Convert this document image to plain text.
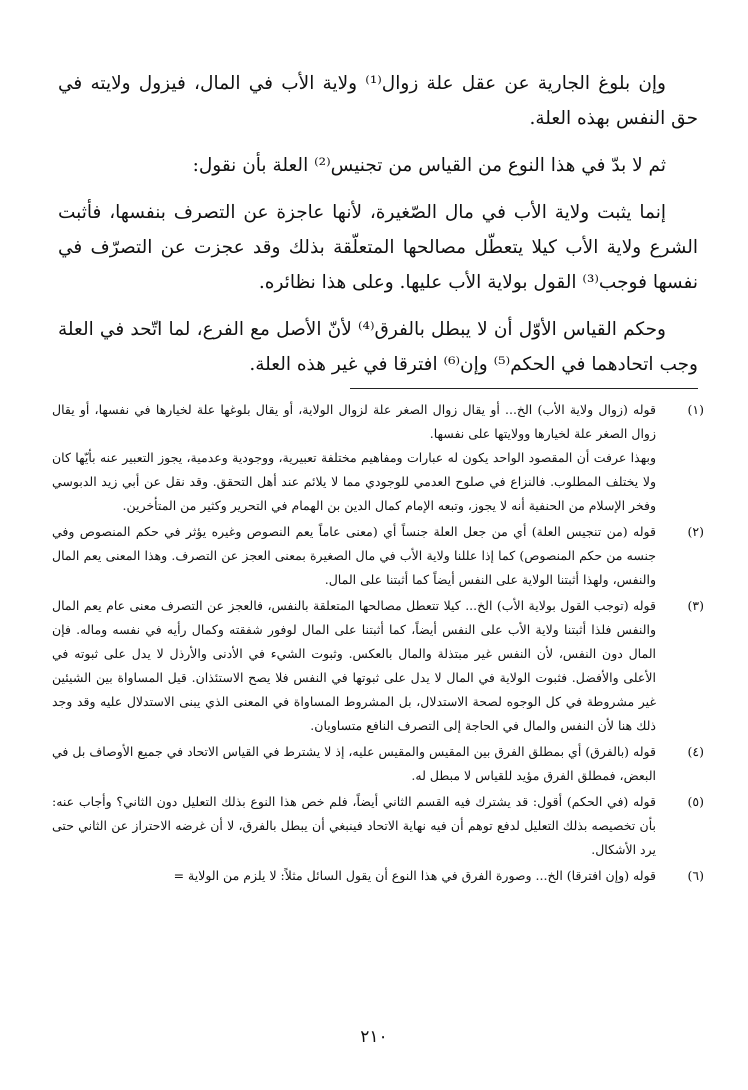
وإن بلوغ الجارية عن عقل علة زوال⁽¹⁾ ولاية الأب في المال، فيزول ولايته في حق النفس بهذه العلة.

ثم لا بدّ في هذا النوع من القياس من تجنيس⁽²⁾ العلة بأن نقول:

إنما يثبت ولاية الأب في مال الصّغيرة، لأنها عاجزة عن التصرف بنفسها، فأثبت الشرع ولاية الأب كيلا يتعطّل مصالحها المتعلّقة بذلك وقد عجزت عن التصرّف في نفسها فوجب⁽³⁾ القول بولاية الأب عليها. وعلى هذا نظائره.

وحكم القياس الأوّل أن لا يبطل بالفرق⁽⁴⁾ لأنّ الأصل مع الفرع، لما اتّحد في العلة وجب اتحادهما في الحكم⁽⁵⁾ وإن⁽⁶⁾ افترقا في غير هذه العلة.

(١)

قوله (زوال ولاية الأب) الخ... أو يقال زوال الصغر علة لزوال الولاية، أو يقال بلوغها علة لخيارها في نفسها، أو يقال زوال الصغر علة لخيارها وولايتها على نفسها.

وبهذا عرفت أن المقصود الواحد يكون له عبارات ومفاهيم مختلفة تعبيرية، ووجودية وعدمية، يجوز التعبير عنه بأيّها كان ولا يختلف المطلوب. فالنزاع في صلوح العدمي للوجودي مما لا يلائم عند أهل التحقق. وقد نقل عن أبي زيد الدبوسي وفخر الإسلام من الحنفية أنه لا يجوز، وتبعه الإمام كمال الدين بن الهمام في التحرير وكثير من المتأخرين.

(٢)

قوله (من تنجيس العلة) أي من جعل العلة جنساً أي (معنى عاماً يعم النصوص وغيره يؤثر في حكم المنصوص وفي جنسه من حكم المنصوص) كما إذا عللنا ولاية الأب في مال الصغيرة بمعنى العجز عن التصرف. وهذا المعنى يعم المال والنفس، ولهذا أثبتنا الولاية على النفس أيضاً كما أثبتنا على المال.

(٣)

قوله (توجب القول بولاية الأب) الخ... كيلا تتعطل مصالحها المتعلقة بالنفس، فالعجز عن التصرف معنى عام يعم المال والنفس فلذا أثبتنا ولاية الأب على النفس أيضاً، كما أثبتنا على المال لوفور شفقته وكمال رأيه في نفسه وماله. فإن المال دون النفس، لأن النفس غير مبتذلة والمال بالعكس. وثبوت الشيء في الأدنى والأرذل لا يدل على ثبوته في الأعلى والأفضل. فثبوت الولاية في المال لا يدل على ثبوتها في النفس فلا يصح الاستئذان. قيل المساواة بين الشيئين غير مشروطة في كل الوجوه لصحة الاستدلال، بل المشروط المساواة في المعنى الذي يبنى الاستدلال عليه وقد وجد ذلك هنا لأن النفس والمال في الحاجة إلى التصرف النافع متساويان.

(٤)

قوله (بالفرق) أي بمطلق الفرق بين المقيس والمقيس عليه، إذ لا يشترط في القياس الاتحاد في جميع الأوصاف بل في البعض، فمطلق الفرق مؤيد للقياس لا مبطل له.

(٥)

قوله (في الحكم) أقول: قد يشترك فيه القسم الثاني أيضاً، فلم خص هذا النوع بذلك التعليل دون الثاني؟ وأجاب عنه: بأن تخصيصه بذلك التعليل لدفع توهم أن فيه نهاية الاتحاد فينبغي أن يبطل بالفرق، لا أن غرضه الاحتراز عن الثاني حتى يرد الأشكال.

(٦)

قوله (وإن افترقا) الخ... وصورة الفرق في هذا النوع أن يقول السائل مثلاً: لا يلزم من الولاية =

٢١٠
